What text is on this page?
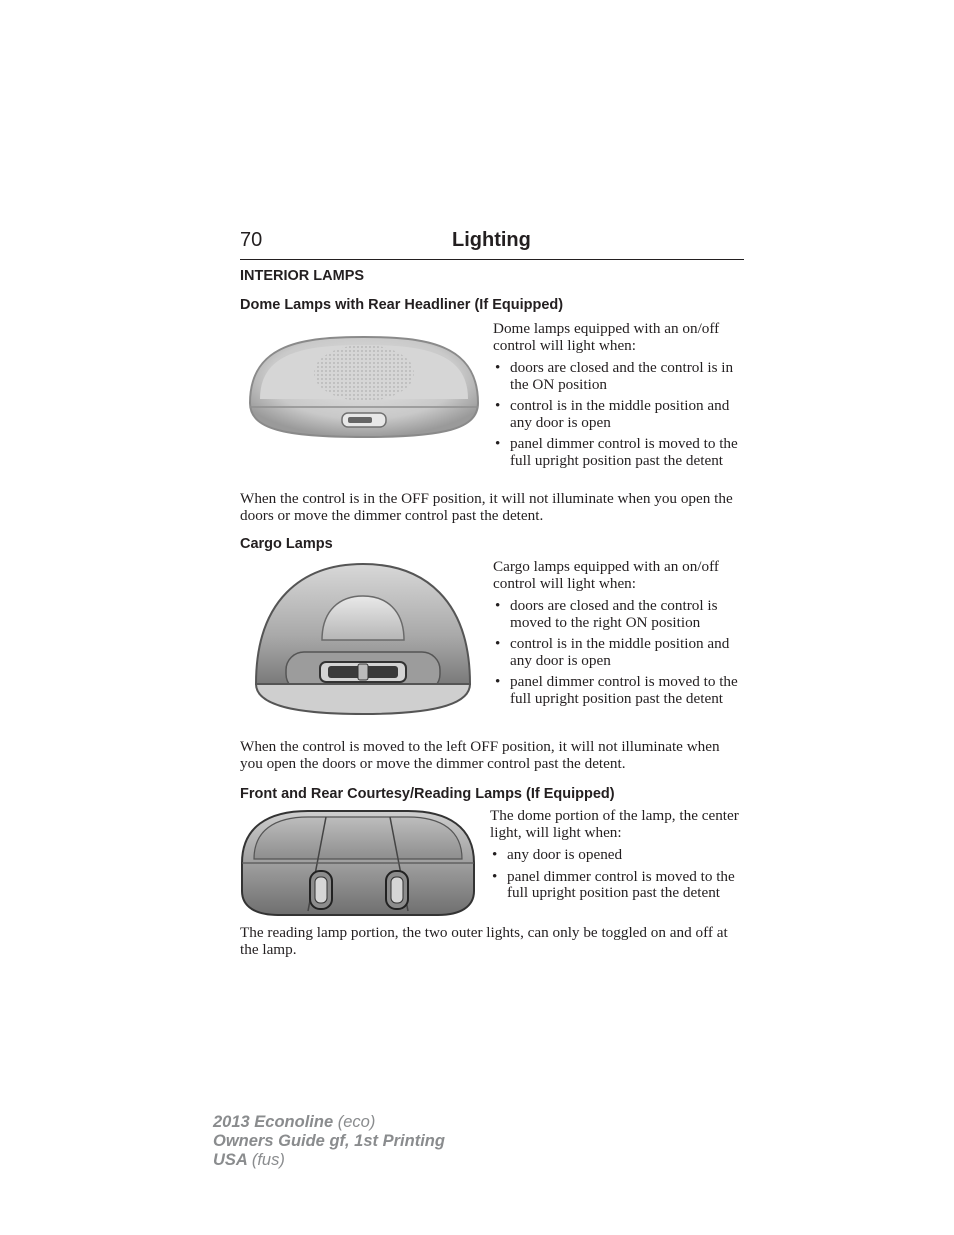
70	Lighting
INTERIOR LAMPS
Dome Lamps with Rear Headliner (If Equipped)
Dome lamps equipped with an on/off control will light when:
• doors are closed and the control is in the ON position
• control is in the middle position and any door is open
• panel dimmer control is moved to the full upright position past the detent
When the control is in the OFF position, it will not illuminate when you open the doors or move the dimmer control past the detent.
Cargo Lamps
Cargo lamps equipped with an on/off control will light when:
• doors are closed and the control is moved to the right ON position
• control is in the middle position and any door is open
• panel dimmer control is moved to the full upright position past the detent
When the control is moved to the left OFF position, it will not illuminate when you open the doors or move the dimmer control past the detent.
Front and Rear Courtesy/Reading Lamps (If Equipped)
The dome portion of the lamp, the center light, will light when:
• any door is opened
• panel dimmer control is moved to the full upright position past the detent
The reading lamp portion, the two outer lights, can only be toggled on and off at the lamp.
2013 Econoline (eco)
Owners Guide gf, 1st Printing
USA (fus)
